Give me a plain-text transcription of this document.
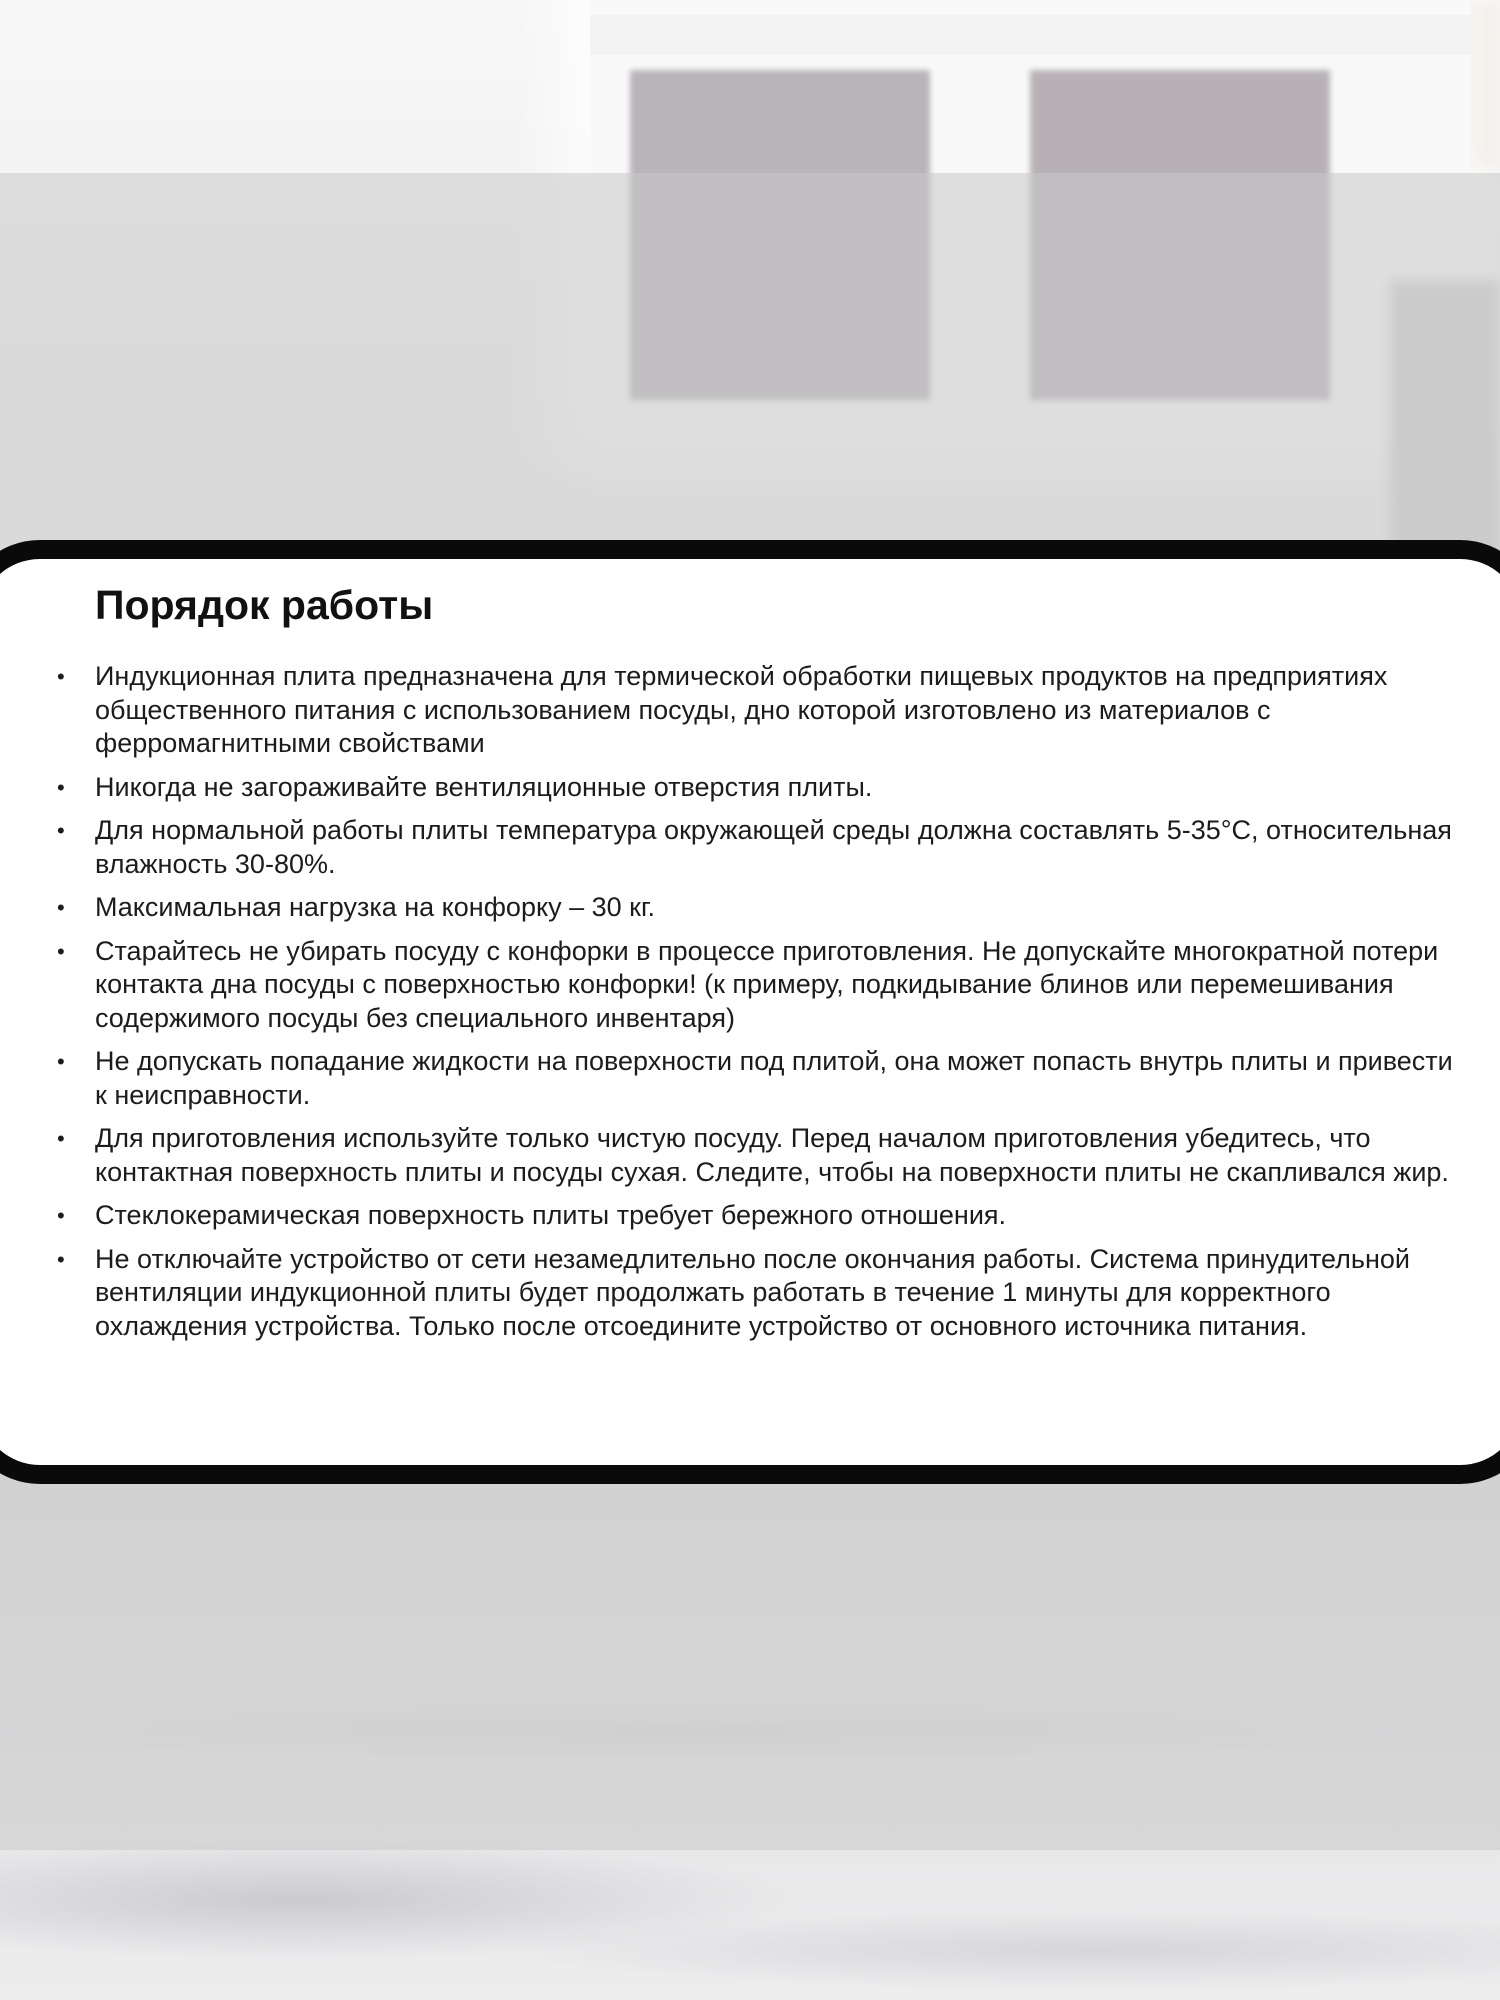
Порядок работы
• Индукционная плита предназначена для термической обработки пищевых продуктов на предприятиях общественного питания с использованием посуды, дно которой изготовлено из материалов с ферромагнитными свойствами
• Никогда не загораживайте вентиляционные отверстия плиты.
• Для нормальной работы плиты температура окружающей среды должна составлять 5-35°С, относительная влажность 30-80%.
• Максимальная нагрузка на конфорку – 30 кг.
• Старайтесь не убирать посуду с конфорки в процессе приготовления. Не допускайте многократной потери контакта дна посуды с поверхностью конфорки! (к примеру, подкидывание блинов или перемешивания содержимого посуды без специального инвентаря)
• Не допускать попадание жидкости на поверхности под плитой, она может попасть внутрь плиты и привести к неисправности.
• Для приготовления используйте только чистую посуду. Перед началом приготовления убедитесь, что контактная поверхность плиты и посуды сухая. Следите, чтобы на поверхности плиты не скапливался жир.
• Стеклокерамическая поверхность плиты требует бережного отношения.
• Не отключайте устройство от сети незамедлительно после окончания работы. Система принудительной вентиляции индукционной плиты будет продолжать работать в течение 1 минуты для корректного охлаждения устройства. Только после отсоедините устройство от основного источника питания.
